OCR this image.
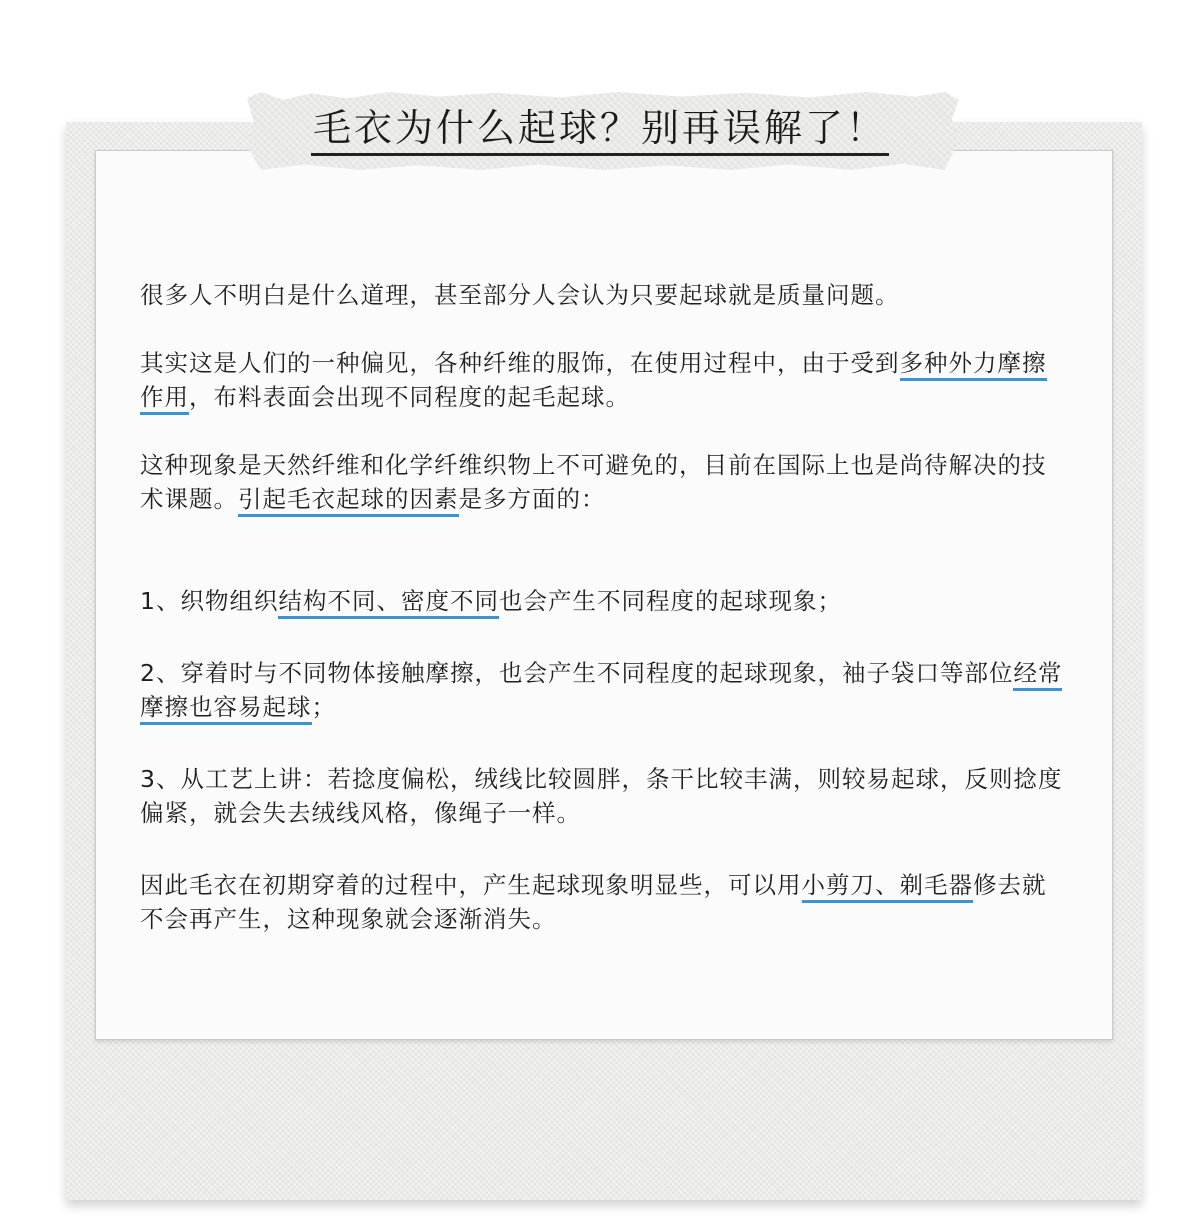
毛衣为什么起球？别再误解了！

很多人不明白是什么道理，甚至部分人会认为只要起球就是质量问题。

其实这是人们的一种偏见，各种纤维的服饰，在使用过程中，由于受到多种外力摩擦作用，布料表面会出现不同程度的起毛起球。

这种现象是天然纤维和化学纤维织物上不可避免的，目前在国际上也是尚待解决的技术课题。引起毛衣起球的因素是多方面的：

1、织物组织结构不同、密度不同也会产生不同程度的起球现象；

2、穿着时与不同物体接触摩擦，也会产生不同程度的起球现象，袖子袋口等部位经常摩擦也容易起球；

3、从工艺上讲：若捻度偏松，绒线比较圆胖，条干比较丰满，则较易起球，反则捻度偏紧，就会失去绒线风格，像绳子一样。

因此毛衣在初期穿着的过程中，产生起球现象明显些，可以用小剪刀、剃毛器修去就不会再产生，这种现象就会逐渐消失。
